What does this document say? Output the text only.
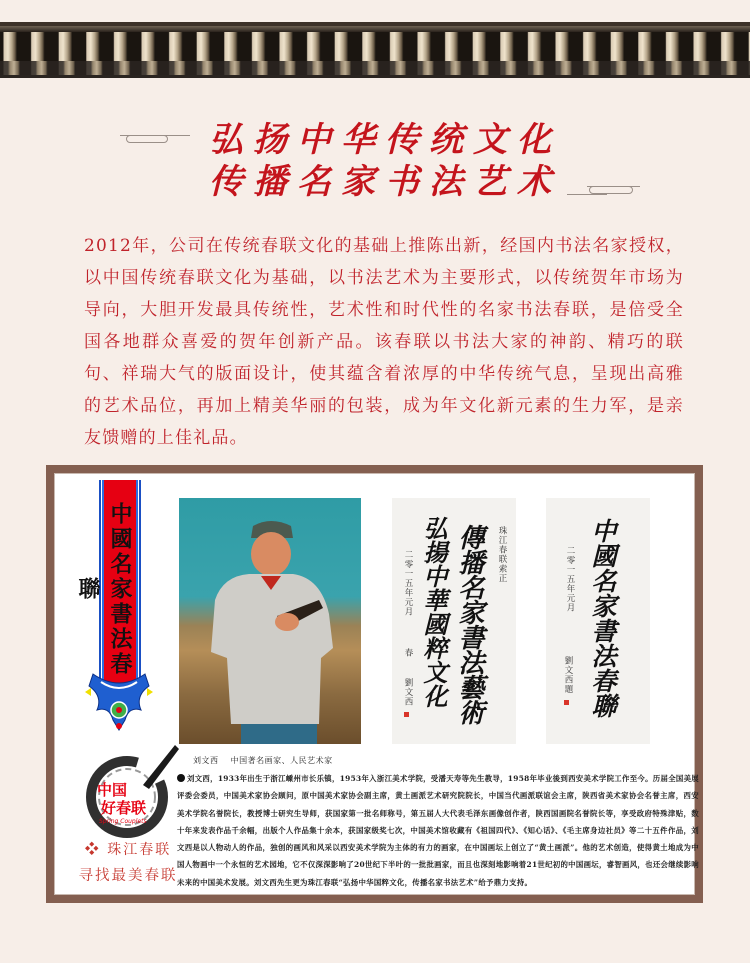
弘扬中华传统文化
传播名家书法艺术

2012年，公司在传统春联文化的基础上推陈出新，经国内书法名家授权，以中国传统春联文化为基础，以书法艺术为主要形式，以传统贺年市场为导向，大胆开发最具传统性，艺术性和时代性的名家书法春联，是倍受全国各地群众喜爱的贺年创新产品。该春联以书法大家的神韵、精巧的联句、祥瑞大气的版面设计，使其蕴含着浓厚的中华传统气息，呈现出高雅的艺术品位，再加上精美华丽的包装，成为年文化新元素的生力军，是亲友馈赠的上佳礼品。

中國名家書法春聯
中国
好春联
Spring Couplets
❖ 珠江春联
寻找最美春联
傳播名家書法藝術
弘揚中華國粹文化	珠江春联索正
二零一五年元月
春
劉文西	中國名家書法春聯
二零一五年元月
劉文西題
刘文西    中国著名画家、人民艺术家
刘文西，1933年出生于浙江嵊州市长乐镇，1953年入浙江美术学院，受潘天寿等先生教导，1958年毕业後到西安美术学院工作至今。历届全国美展评委会委员，中国美术家协会顾问，原中国美术家协会副主席，黄土画派艺术研究院院长，中国当代画派联谊会主席，陕西省美术家协会名誉主席，西安美术学院名誉院长，教授博士研究生导师，获国家第一批名师称号，第五届人大代表毛泽东画像创作者，陕西国画院名誉院长等，享受政府特殊津贴，数十年来发表作品千余幅，出版个人作品集十余本，获国家级奖七次，中国美术馆收藏有《祖国四代》、《知心话》、《毛主席身边社员》等二十五件作品，刘文西是以人物动人的作品，独创的画风和风采以西安美术学院为主体的有力的画家，在中国画坛上创立了“黄土画派”。他的艺术创造，使得黄土地成为中国人物画中一个永恒的艺术园地，它不仅深深影响了20世纪下半叶的一批批画家，而且也深刻地影响着21世纪初的中国画坛，睿智画风，也还会继续影响未来的中国美术发展。刘文西先生更为珠江春联“弘扬中华国粹文化，传播名家书法艺术”给予鼎力支持。
